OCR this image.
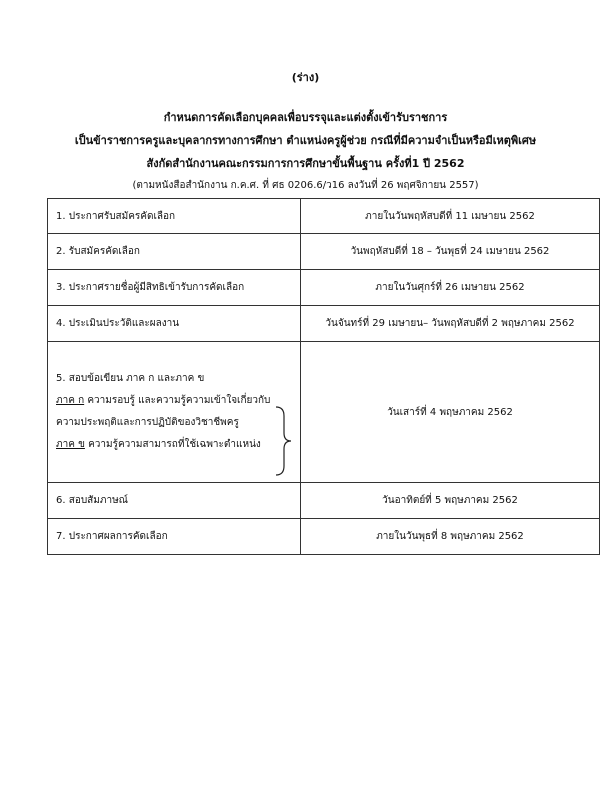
(ร่าง)
กำหนดการคัดเลือกบุคคลเพื่อบรรจุและแต่งตั้งเข้ารับราชการ
เป็นข้าราชการครูและบุคลากรทางการศึกษา ตำแหน่งครูผู้ช่วย กรณีที่มีความจำเป็นหรือมีเหตุพิเศษ
สังกัดสำนักงานคณะกรรมการการศึกษาขั้นพื้นฐาน ครั้งที่1 ปี 2562
(ตามหนังสือสำนักงาน ก.ค.ศ. ที่ ศธ 0206.6/ว16 ลงวันที่ 26 พฤศจิกายน 2557)
1. ประกาศรับสมัครคัดเลือก	ภายในวันพฤหัสบดีที่ 11 เมษายน 2562
2. รับสมัครคัดเลือก	วันพฤหัสบดีที่ 18 – วันพุธที่ 24 เมษายน 2562
3. ประกาศรายชื่อผู้มีสิทธิเข้ารับการคัดเลือก	ภายในวันศุกร์ที่ 26 เมษายน 2562
4. ประเมินประวัติและผลงาน	วันจันทร์ที่ 29 เมษายน– วันพฤหัสบดีที่ 2 พฤษภาคม 2562

5. สอบข้อเขียน ภาค ก และภาค ข
ภาค ก ความรอบรู้ และความรู้ความเข้าใจเกี่ยวกับ
ความประพฤติและการปฏิบัติของวิชาชีพครู
ภาค ข ความรู้ความสามารถที่ใช้เฉพาะตำแหน่ง	วันเสาร์ที่ 4 พฤษภาคม 2562
6. สอบสัมภาษณ์	วันอาทิตย์ที่ 5 พฤษภาคม 2562
7. ประกาศผลการคัดเลือก	ภายในวันพุธที่ 8 พฤษภาคม 2562
